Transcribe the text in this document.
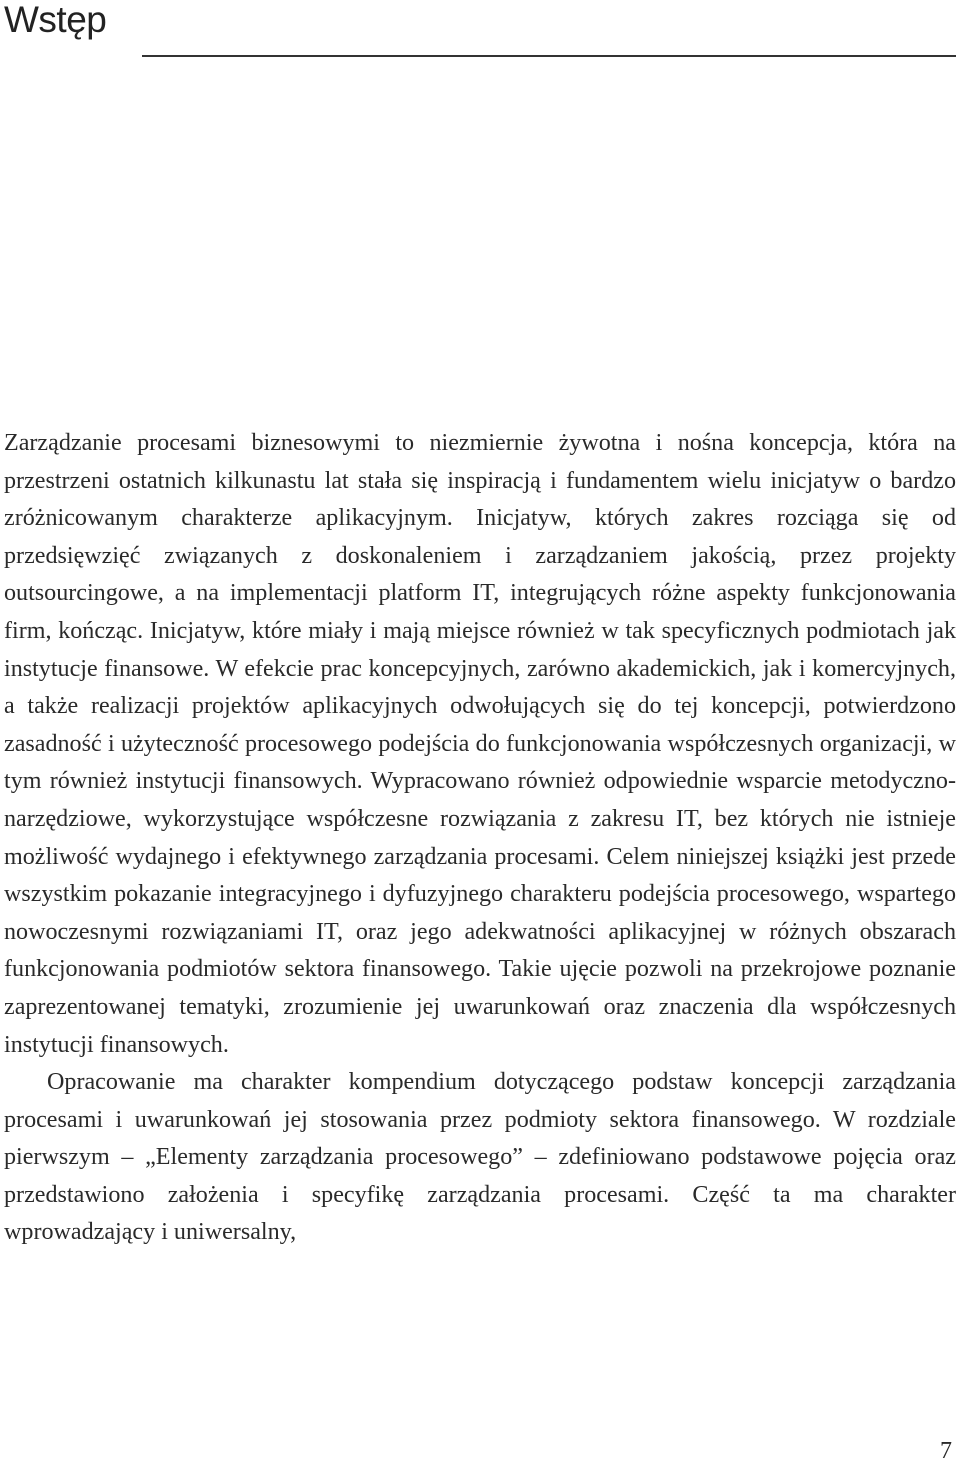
Wstęp

Zarządzanie procesami biznesowymi to niezmiernie żywotna i nośna koncepcja, która na przestrzeni ostatnich kilkunastu lat stała się inspiracją i fundamentem wielu inicjatyw o bardzo zróżnicowanym charakterze aplikacyjnym. Inicjatyw, których zakres rozciąga się od przedsięwzięć związanych z doskonaleniem i zarządzaniem jakością, przez projekty outsourcingowe, a na implementacji platform IT, integrujących różne aspekty funkcjonowania firm, kończąc. Inicjatyw, które miały i mają miejsce również w tak specyficznych podmiotach jak instytucje finansowe. W efekcie prac koncepcyjnych, zarówno akademickich, jak i komercyjnych, a także realizacji projektów aplikacyjnych odwołujących się do tej koncepcji, potwierdzono zasadność i użyteczność procesowego podejścia do funkcjonowania współczesnych organizacji, w tym również instytucji finansowych. Wypracowano również odpowiednie wsparcie metodyczno-narzędziowe, wykorzystujące współczesne rozwiązania z zakresu IT, bez których nie istnieje możliwość wydajnego i efektywnego zarządzania procesami. Celem niniejszej książki jest przede wszystkim pokazanie integracyjnego i dyfuzyjnego charakteru podejścia procesowego, wspartego nowoczesnymi rozwiązaniami IT, oraz jego adekwatności aplikacyjnej w różnych obszarach funkcjonowania podmiotów sektora finansowego. Takie ujęcie pozwoli na przekrojowe poznanie zaprezentowanej tematyki, zrozumienie jej uwarunkowań oraz znaczenia dla współczesnych instytucji finansowych.

Opracowanie ma charakter kompendium dotyczącego podstaw koncepcji zarządzania procesami i uwarunkowań jej stosowania przez podmioty sektora finansowego. W rozdziale pierwszym – „Elementy zarządzania procesowego” – zdefiniowano podstawowe pojęcia oraz przedstawiono założenia i specyfikę zarządzania procesami. Część ta ma charakter wprowadzający i uniwersalny,

7
